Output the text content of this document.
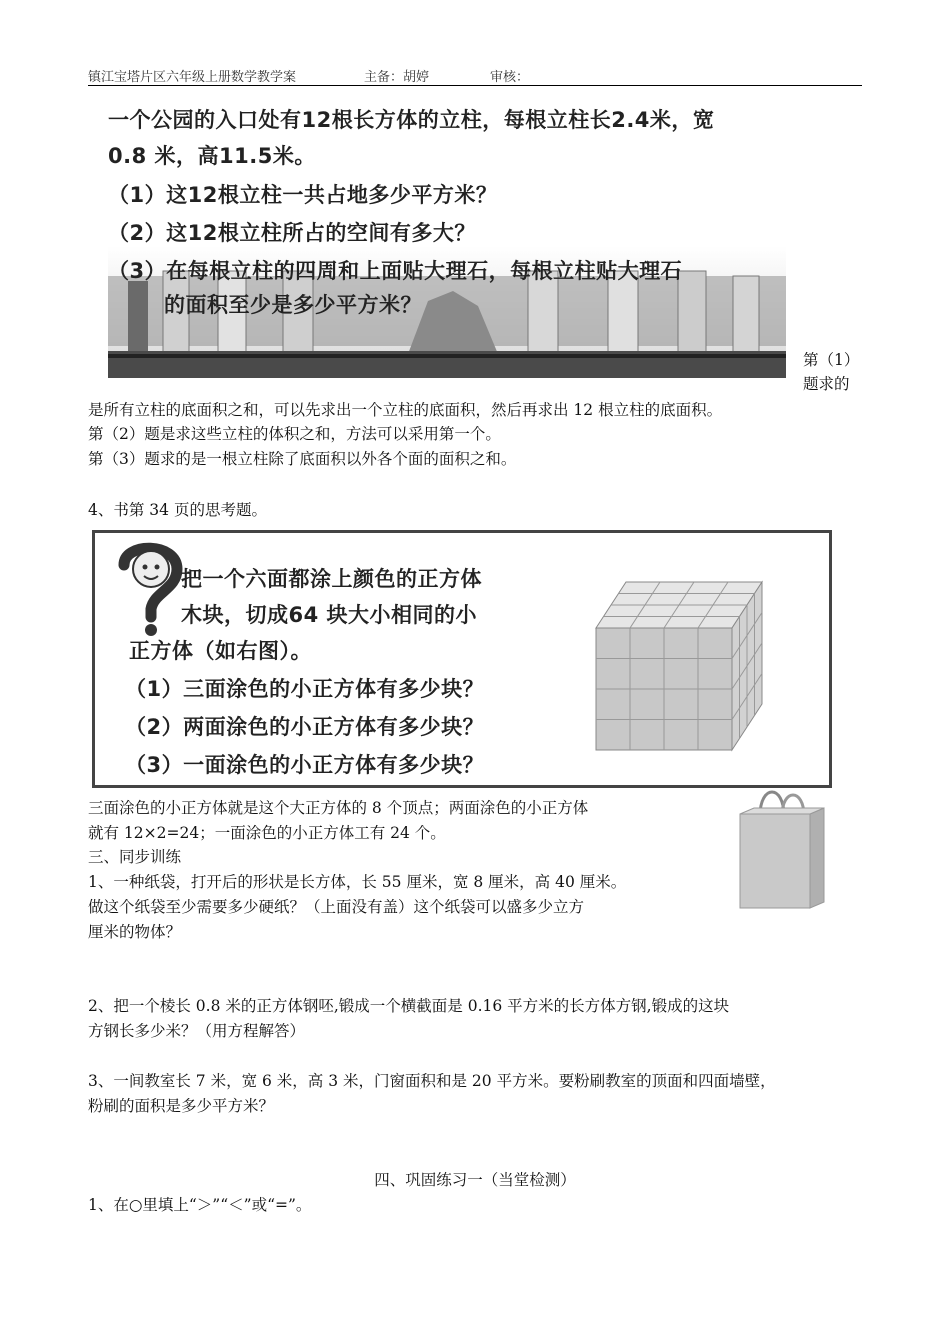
镇江宝塔片区六年级上册数学教学案	主备：胡婷	审核：
一个公园的入口处有12根长方体的立柱，每根立柱长2.4米，宽
0.8 米，高11.5米。
（1）这12根立柱一共占地多少平方米？
（2）这12根立柱所占的空间有多大？
（3）在每根立柱的四周和上面贴大理石，每根立柱贴大理石
的面积至少是多少平方米？
第（1）
题求的
是所有立柱的底面积之和，可以先求出一个立柱的底面积，然后再求出 12 根立柱的底面积。
第（2）题是求这些立柱的体积之和，方法可以采用第一个。
第（3）题求的是一根立柱除了底面积以外各个面的面积之和。
4、书第 34 页的思考题。
把一个六面都涂上颜色的正方体
木块，切成64 块大小相同的小
正方体（如右图）。
（1）三面涂色的小正方体有多少块？
（2）两面涂色的小正方体有多少块？
（3）一面涂色的小正方体有多少块？
三面涂色的小正方体就是这个大正方体的 8 个顶点；两面涂色的小正方体
就有 12×2=24；一面涂色的小正方体工有 24 个。
三、同步训练
1、一种纸袋，打开后的形状是长方体，长 55 厘米，宽 8 厘米，高 40 厘米。
做这个纸袋至少需要多少硬纸？（上面没有盖）这个纸袋可以盛多少立方
厘米的物体？
2、把一个棱长 0.8 米的正方体钢呸,锻成一个横截面是 0.16 平方米的长方体方钢,锻成的这块
方钢长多少米？（用方程解答）
3、一间教室长 7 米，宽 6 米，高 3 米，门窗面积和是 20 平方米。要粉刷教室的顶面和四面墙壁，
粉刷的面积是多少平方米？
四、巩固练习一（当堂检测）
1、在○里填上“＞”“＜”或“=”。
